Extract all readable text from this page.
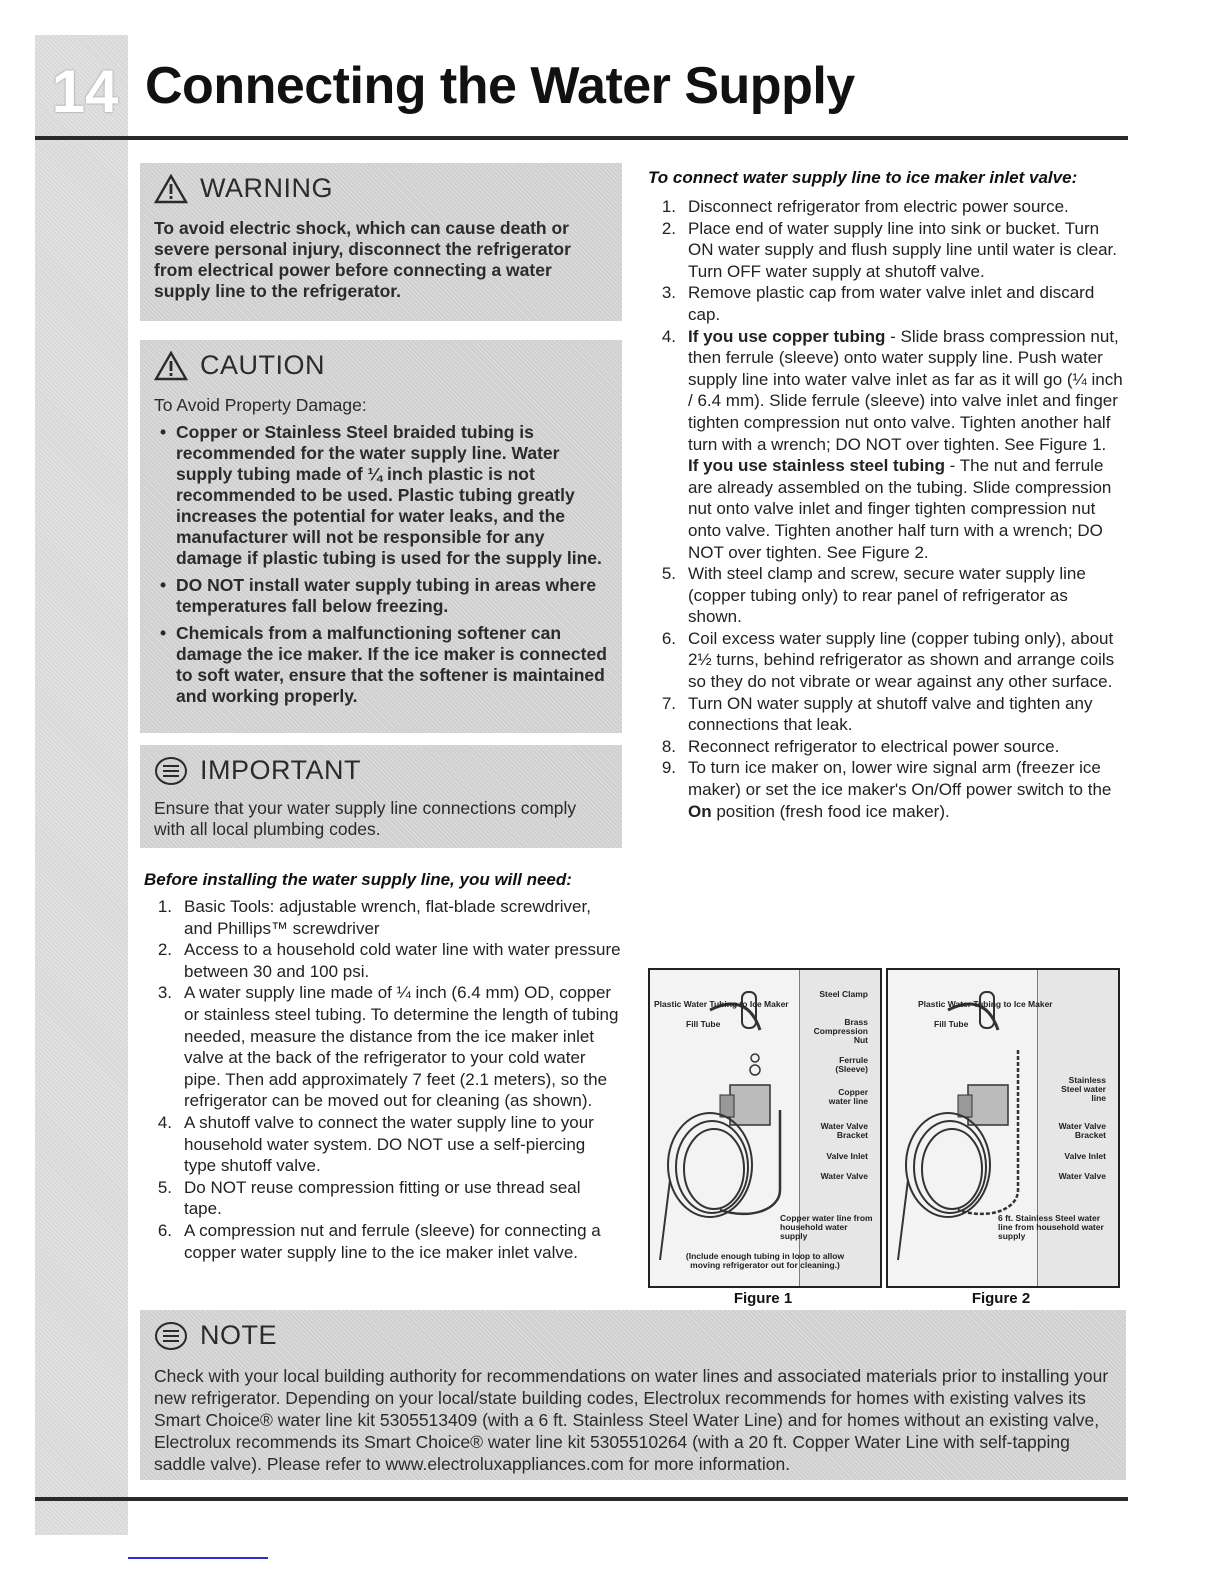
14 Connecting the Water Supply
WARNING
To avoid electric shock, which can cause death or severe personal injury, disconnect the refrigerator from electrical power before connecting a water supply line to the refrigerator.
CAUTION
To Avoid Property Damage:
• Copper or Stainless Steel braided tubing is recommended for the water supply line. Water supply tubing made of ¼ inch plastic is not recommended to be used. Plastic tubing greatly increases the potential for water leaks, and the manufacturer will not be responsible for any damage if plastic tubing is used for the supply line.
• DO NOT install water supply tubing in areas where temperatures fall below freezing.
• Chemicals from a malfunctioning softener can damage the ice maker. If the ice maker is connected to soft water, ensure that the softener is maintained and working properly.
IMPORTANT
Ensure that your water supply line connections comply with all local plumbing codes.
Before installing the water supply line, you will need:
1. Basic Tools: adjustable wrench, flat-blade screwdriver, and Phillips™ screwdriver
2. Access to a household cold water line with water pressure between 30 and 100 psi.
3. A water supply line made of ¼ inch (6.4 mm) OD, copper or stainless steel tubing. To determine the length of tubing needed, measure the distance from the ice maker inlet valve at the back of the refrigerator to your cold water pipe. Then add approximately 7 feet (2.1 meters), so the refrigerator can be moved out for cleaning (as shown).
4. A shutoff valve to connect the water supply line to your household water system. DO NOT use a self-piercing type shutoff valve.
5. Do NOT reuse compression fitting or use thread seal tape.
6. A compression nut and ferrule (sleeve) for connecting a copper water supply line to the ice maker inlet valve.
To connect water supply line to ice maker inlet valve:
1. Disconnect refrigerator from electric power source.
2. Place end of water supply line into sink or bucket. Turn ON water supply and flush supply line until water is clear. Turn OFF water supply at shutoff valve.
3. Remove plastic cap from water valve inlet and discard cap.
4. If you use copper tubing - Slide brass compression nut, then ferrule (sleeve) onto water supply line. Push water supply line into water valve inlet as far as it will go (¼ inch / 6.4 mm). Slide ferrule (sleeve) into valve inlet and finger tighten compression nut onto valve. Tighten another half turn with a wrench; DO NOT over tighten. See Figure 1.

If you use stainless steel tubing - The nut and ferrule are already assembled on the tubing. Slide compression nut onto valve inlet and finger tighten compression nut onto valve. Tighten another half turn with a wrench; DO NOT over tighten. See Figure 2.

5. With steel clamp and screw, secure water supply line (copper tubing only) to rear panel of refrigerator as shown.
6. Coil excess water supply line (copper tubing only), about 2½ turns, behind refrigerator as shown and arrange coils so they do not vibrate or wear against any other surface.
7. Turn ON water supply at shutoff valve and tighten any connections that leak.
8. Reconnect refrigerator to electrical power source.
9. To turn ice maker on, lower wire signal arm (freezer ice maker) or set the ice maker's On/Off power switch to the On position (fresh food ice maker).
Plastic Water Tubing to Ice Maker
Fill Tube
Steel Clamp
Brass Compression Nut
Ferrule (Sleeve)
Copper water line
Water Valve Bracket
Valve Inlet
Water Valve
Copper water line from household water supply
(Include enough tubing in loop to allow moving refrigerator out for cleaning.)
Figure 1
Plastic Water Tubing to Ice Maker
Fill Tube
Stainless Steel water line
Water Valve Bracket
Valve Inlet
Water Valve
6 ft. Stainless Steel water line from household water supply
Figure 2
NOTE
Check with your local building authority for recommendations on water lines and associated materials prior to installing your new refrigerator. Depending on your local/state building codes, Electrolux recommends for homes with existing valves its Smart Choice® water line kit 5305513409 (with a 6 ft. Stainless Steel Water Line) and for homes without an existing valve, Electrolux recommends its Smart Choice® water line kit 5305510264 (with a 20 ft. Copper Water Line with self-tapping saddle valve). Please refer to www.electroluxappliances.com for more information.
